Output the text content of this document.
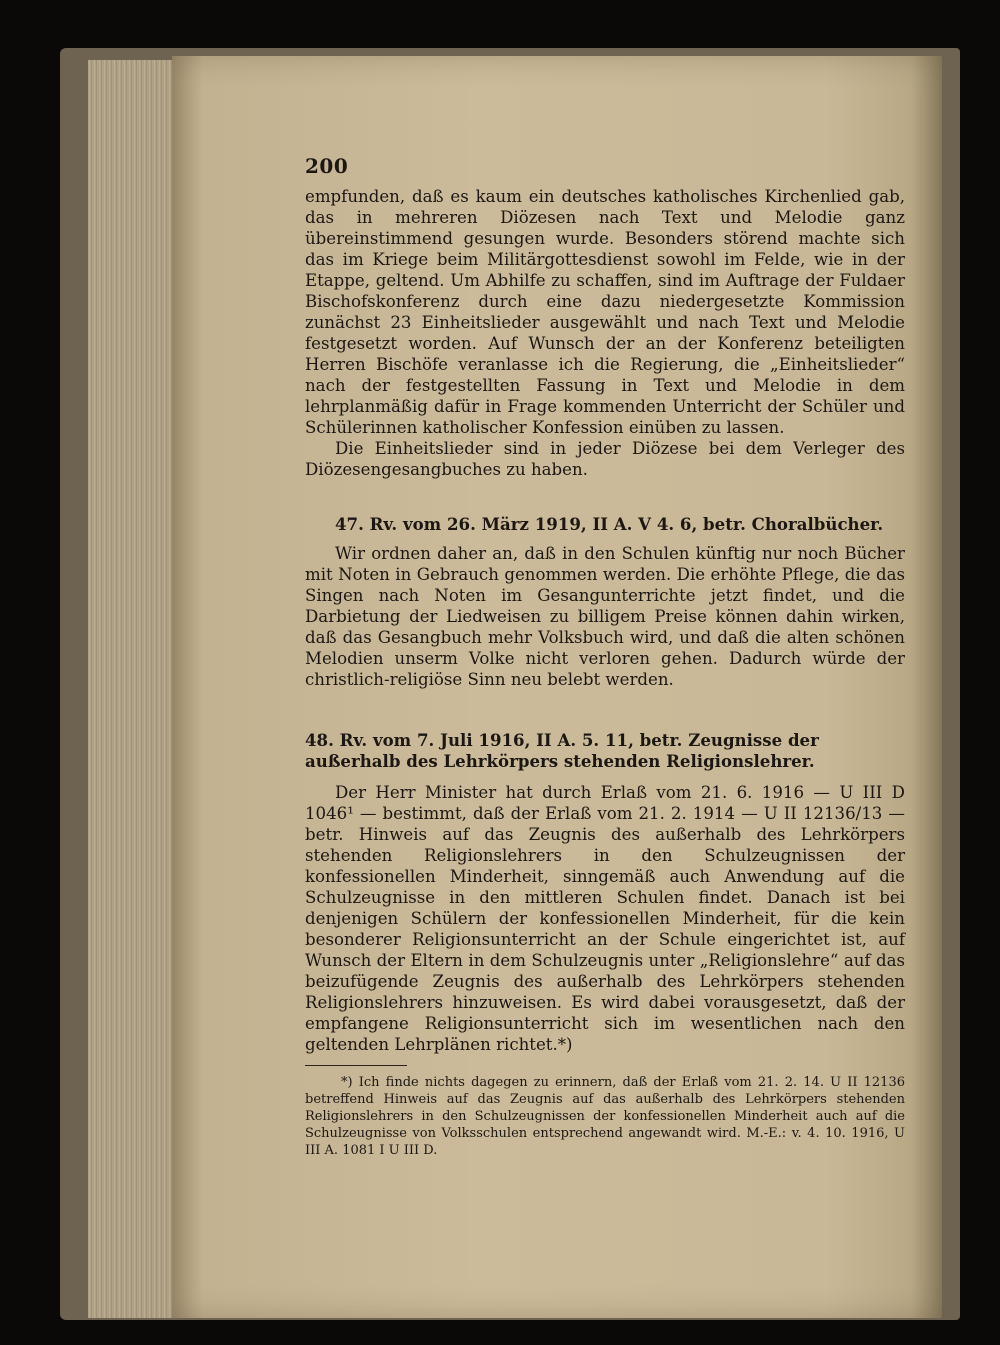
200

empfunden, daß es kaum ein deutsches katholisches Kirchenlied gab, das in mehreren Diözesen nach Text und Melodie ganz übereinstimmend gesungen wurde. Besonders störend machte sich das im Kriege beim Militärgottesdienst sowohl im Felde, wie in der Etappe, geltend. Um Abhilfe zu schaffen, sind im Auftrage der Fuldaer Bischofskonferenz durch eine dazu niedergesetzte Kommission zunächst 23 Einheitslieder ausgewählt und nach Text und Melodie festgesetzt worden. Auf Wunsch der an der Konferenz beteiligten Herren Bischöfe veranlasse ich die Regierung, die „Einheitslieder“ nach der festgestellten Fassung in Text und Melodie in dem lehrplanmäßig dafür in Frage kommenden Unterricht der Schüler und Schülerinnen katholischer Konfession einüben zu lassen.

Die Einheitslieder sind in jeder Diözese bei dem Verleger des Diözesengesangbuches zu haben.

47. Rv. vom 26. März 1919, II A. V 4. 6, betr. Choralbücher.

Wir ordnen daher an, daß in den Schulen künftig nur noch Bücher mit Noten in Gebrauch genommen werden. Die erhöhte Pflege, die das Singen nach Noten im Gesangunterrichte jetzt findet, und die Darbietung der Liedweisen zu billigem Preise können dahin wirken, daß das Gesangbuch mehr Volksbuch wird, und daß die alten schönen Melodien unserm Volke nicht verloren gehen. Dadurch würde der christlich-religiöse Sinn neu belebt werden.

48. Rv. vom 7. Juli 1916, II A. 5. 11, betr. Zeugnisse der außerhalb des Lehrkörpers stehenden Religionslehrer.

Der Herr Minister hat durch Erlaß vom 21. 6. 1916 — U III D 1046¹ — bestimmt, daß der Erlaß vom 21. 2. 1914 — U II 12136/13 — betr. Hinweis auf das Zeugnis des außerhalb des Lehrkörpers stehenden Religionslehrers in den Schulzeugnissen der konfessionellen Minderheit, sinngemäß auch Anwendung auf die Schulzeugnisse in den mittleren Schulen findet. Danach ist bei denjenigen Schülern der konfessionellen Minderheit, für die kein besonderer Religionsunterricht an der Schule eingerichtet ist, auf Wunsch der Eltern in dem Schulzeugnis unter „Religionslehre“ auf das beizufügende Zeugnis des außerhalb des Lehrkörpers stehenden Religionslehrers hinzuweisen. Es wird dabei vorausgesetzt, daß der empfangene Religionsunterricht sich im wesentlichen nach den geltenden Lehrplänen richtet.*)

*) Ich finde nichts dagegen zu erinnern, daß der Erlaß vom 21. 2. 14. U II 12136 betreffend Hinweis auf das Zeugnis auf das außerhalb des Lehrkörpers stehenden Religionslehrers in den Schulzeugnissen der konfessionellen Minderheit auch auf die Schulzeugnisse von Volksschulen entsprechend angewandt wird. M.-E.: v. 4. 10. 1916, U III A. 1081 I U III D.
